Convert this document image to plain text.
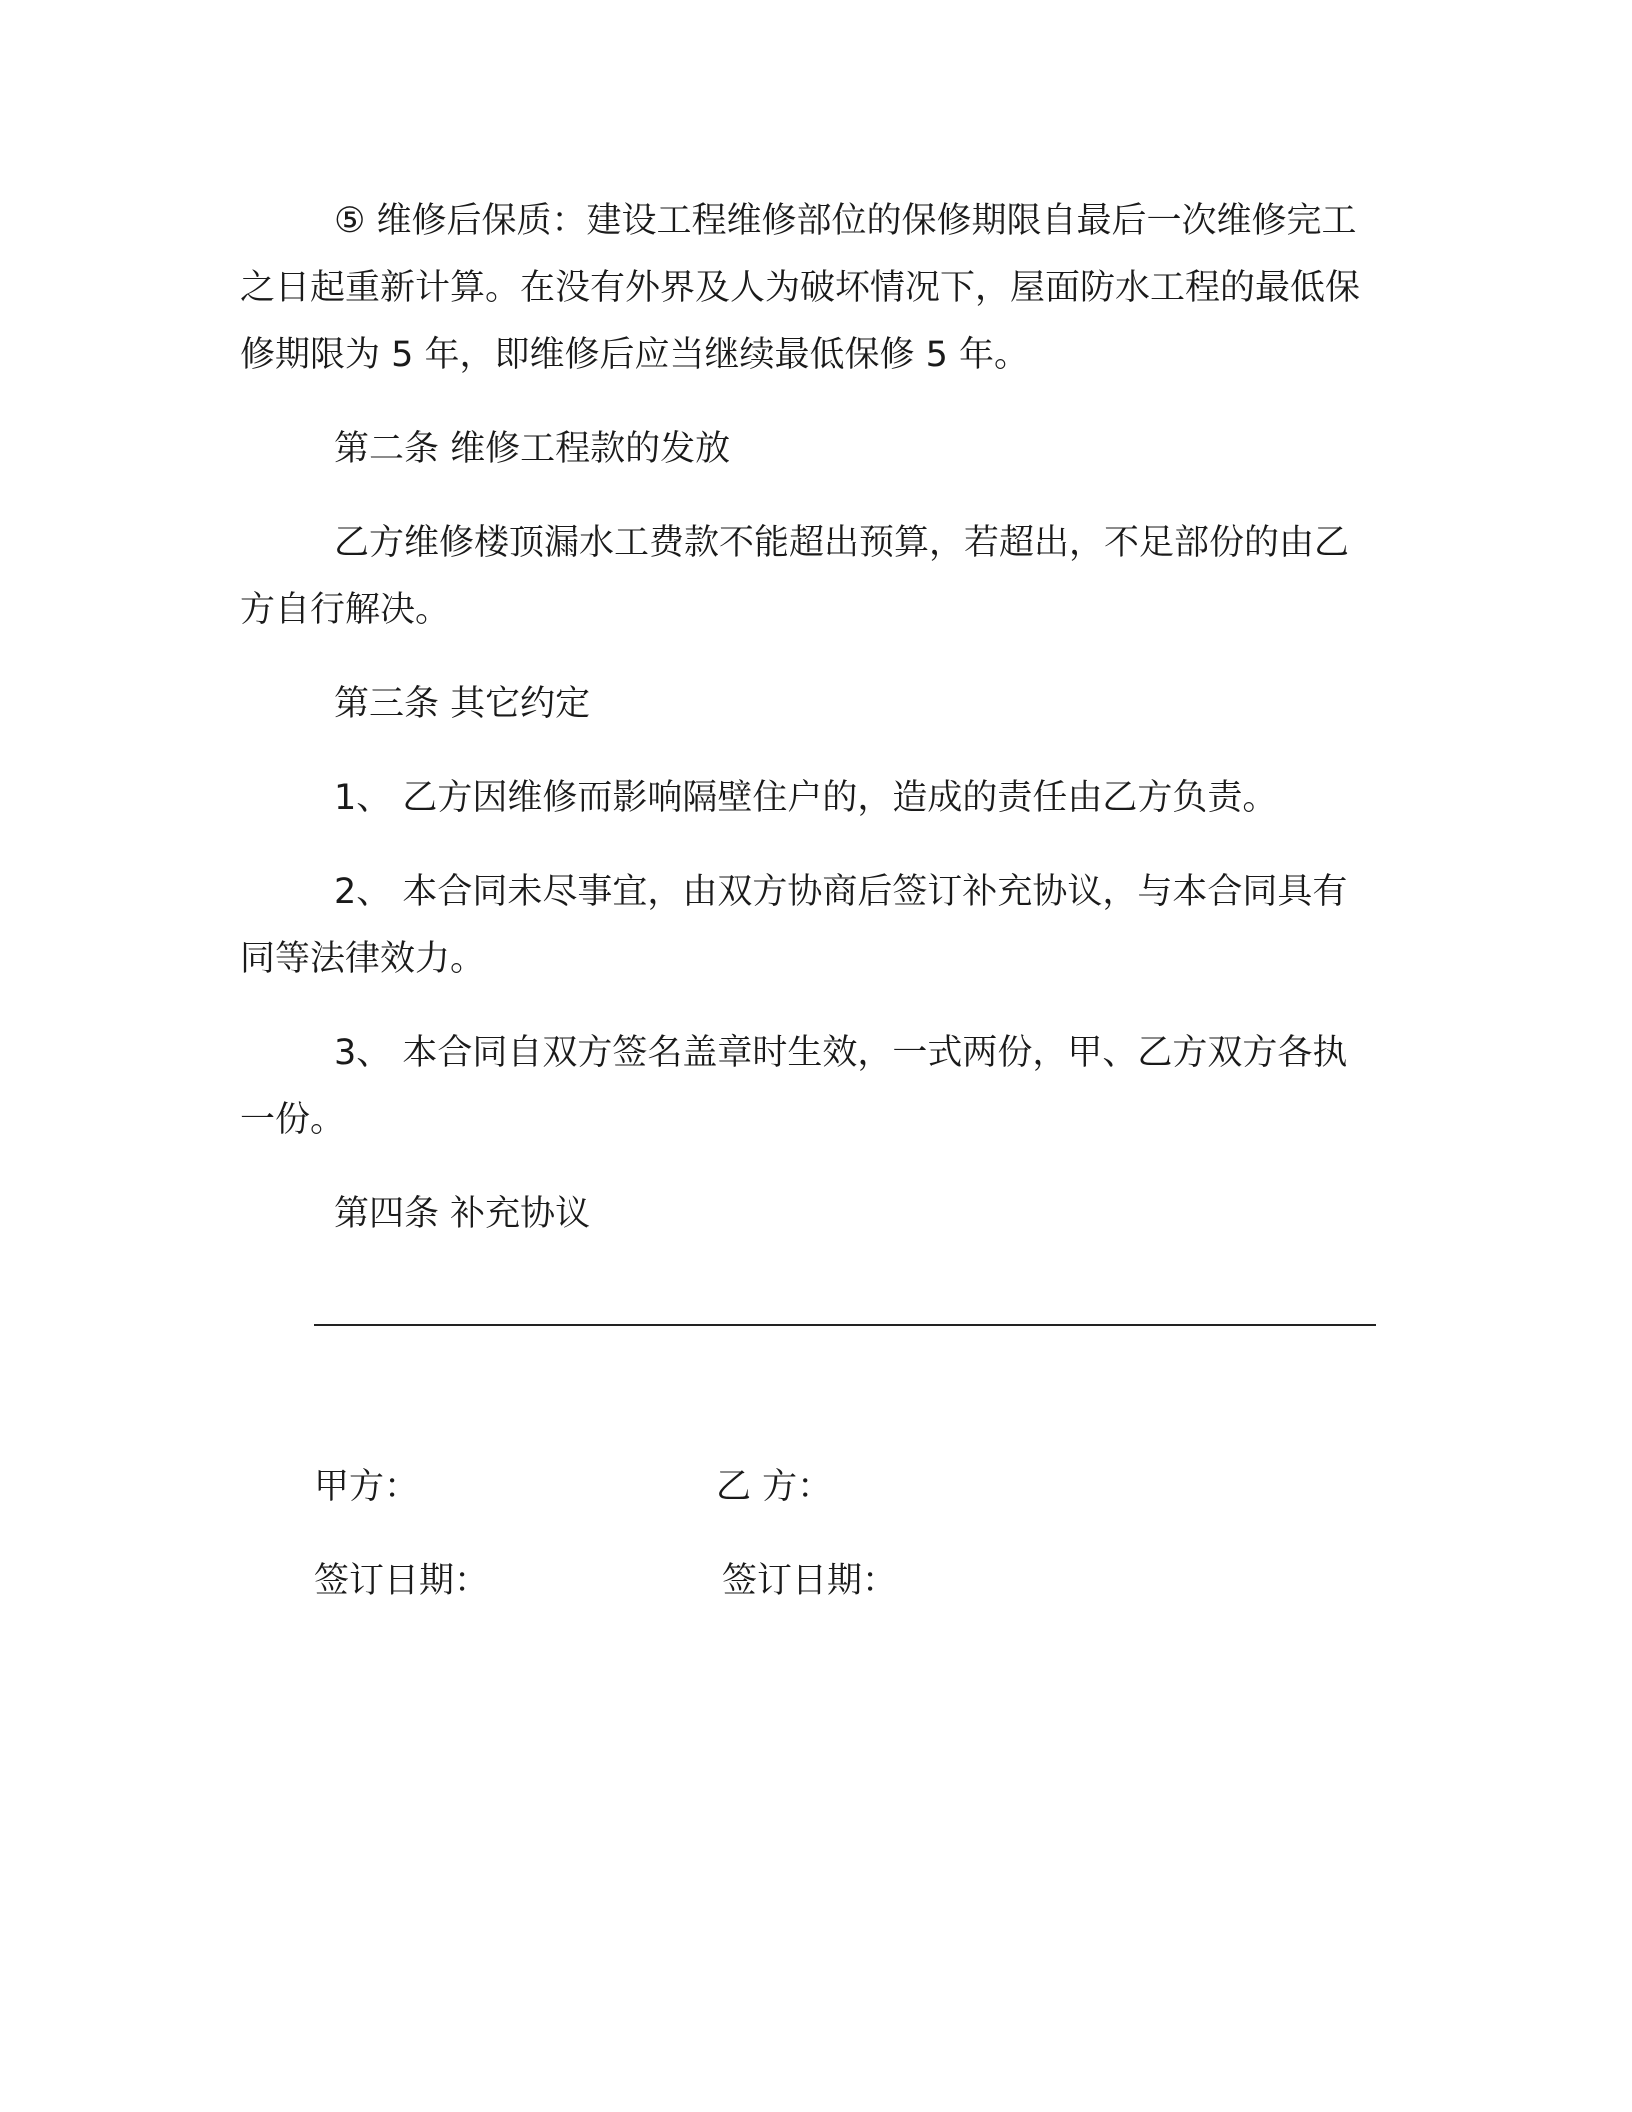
⑤ 维修后保质：建设工程维修部位的保修期限自最后一次维修完工之日起重新计算。在没有外界及人为破坏情况下，屋面防水工程的最低保修期限为 5 年，即维修后应当继续最低保修 5 年。

第二条 维修工程款的发放

乙方维修楼顶漏水工费款不能超出预算，若超出，不足部份的由乙方自行解决。

第三条 其它约定

1、 乙方因维修而影响隔壁住户的，造成的责任由乙方负责。

2、 本合同未尽事宜，由双方协商后签订补充协议，与本合同具有同等法律效力。

3、 本合同自双方签名盖章时生效，一式两份，甲、乙方双方各执一份。

第四条 补充协议

甲方：	乙 方：
签订日期：	签订日期：
